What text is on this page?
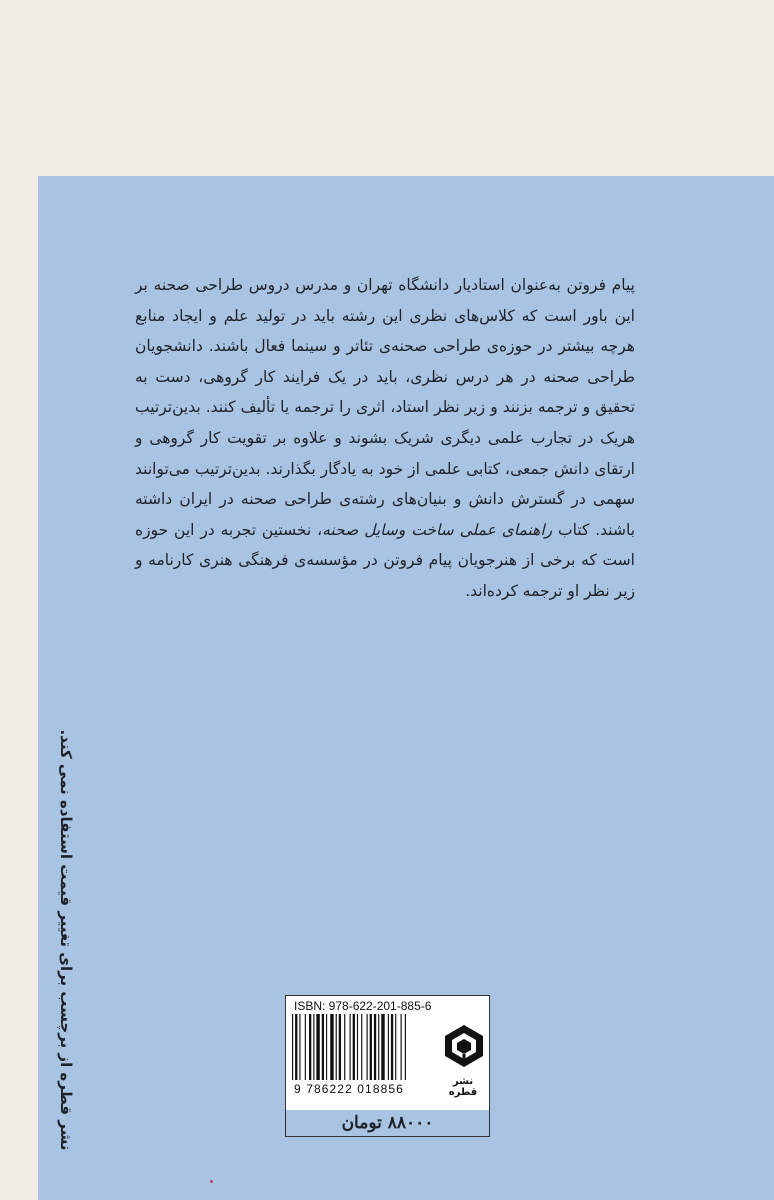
پیام فروتن به‌عنوان استادیار دانشگاه تهران و مدرس دروس طراحی صحنه بر این باور است که کلاس‌های نظری این رشته باید در تولید علم و ایجاد منابع هرچه بیشتر در حوزه‌ی طراحی صحنه‌ی تئاتر و سینما فعال باشند. دانشجویان طراحی صحنه در هر درس نظری، باید در یک فرایند کار گروهی، دست به تحقیق و ترجمه بزنند و زیر نظر استاد، اثری را ترجمه یا تألیف کنند. بدین‌ترتیب هریک در تجارب علمی دیگری شریک بشوند و علاوه بر تقویت کار گروهی و ارتقای دانش جمعی، کتابی علمی از خود به یادگار بگذارند. بدین‌ترتیب می‌توانند سهمی در گسترش دانش و بنیان‌های رشته‌ی طراحی صحنه در ایران داشته باشند. کتاب راهنمای عملی ساخت وسایل صحنه، نخستین تجربه در این حوزه است که برخی از هنرجویان پیام فروتن در مؤسسه‌ی فرهنگی هنری کارنامه و زیر نظر او ترجمه کرده‌اند.

نشر قطره از برچسب برای تغییر قیمت استفاده نمی کند.	ISBN: 978-622-201-885-6
9 786222 018856
نشر قطره
۸۸۰۰۰ تومان
